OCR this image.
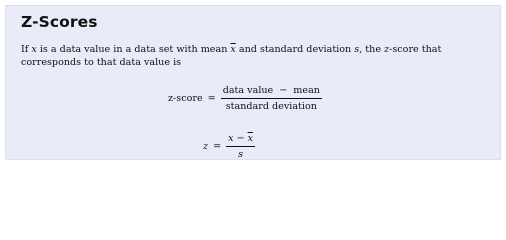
Z-Scores
If x is a data value in a data set with mean $\overline{x}$ and standard deviation s, the z-score that corresponds to that data value is
z-score = $\frac{\text{data value − mean}}{\text{standard deviation}}$
$z = \frac{x - \overline{x}}{s}$
